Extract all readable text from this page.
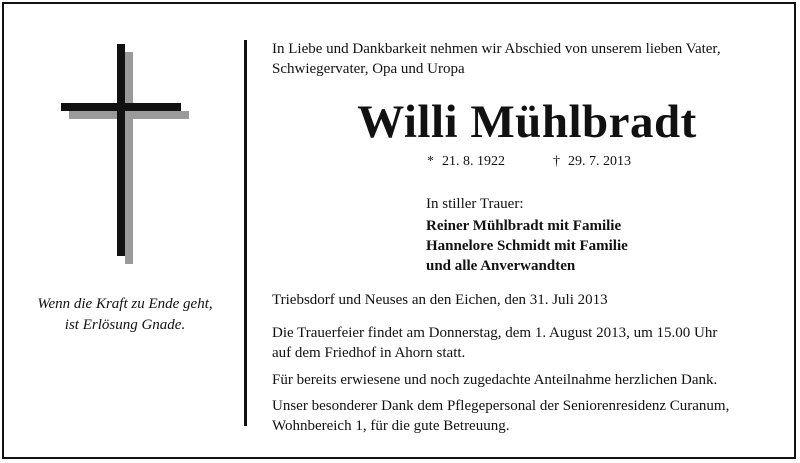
Wenn die Kraft zu Ende geht,
ist Erlösung Gnade.
In Liebe und Dankbarkeit nehmen wir Abschied von unserem lieben Vater,
Schwiegervater, Opa und Uropa
Willi Mühlbradt
* 21. 8. 1922	† 29. 7. 2013
In stiller Trauer:
Reiner Mühlbradt mit Familie
Hannelore Schmidt mit Familie
und alle Anverwandten
Triebsdorf und Neuses an den Eichen, den 31. Juli 2013
Die Trauerfeier findet am Donnerstag, dem 1. August 2013, um 15.00 Uhr
auf dem Friedhof in Ahorn statt.
Für bereits erwiesene und noch zugedachte Anteilnahme herzlichen Dank.
Unser besonderer Dank dem Pflegepersonal der Seniorenresidenz Curanum,
Wohnbereich 1, für die gute Betreuung.
